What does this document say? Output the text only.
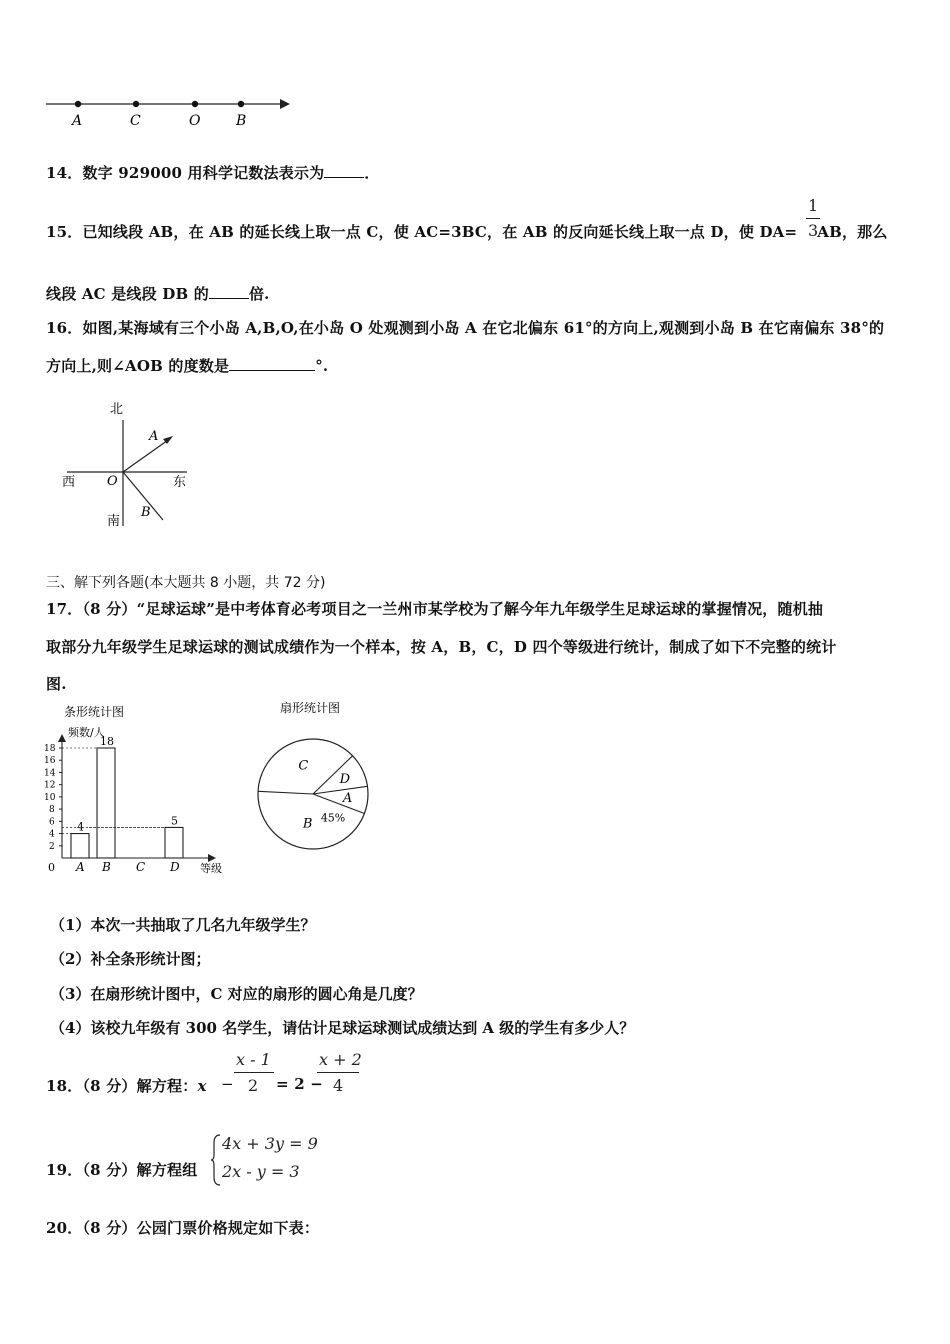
A	C	O	B
14．数字 929000 用科学记数法表示为	．
15．已知线段 AB，在 AB 的延长线上取一点 C，使 AC=3BC，在 AB 的反向延长线上取一点 D，使 DA= AB，那么
1
3
线段 AC 是线段 DB 的	倍.
16．如图,某海域有三个小岛 A,B,O,在小岛 O 处观测到小岛 A 在它北偏东 61°的方向上,观测到小岛 B 在它南偏东 38°的
方向上,则∠AOB 的度数是	°.
北
南
西	东
O
A
B
三、解下列各题(本大题共 8 小题，共 72 分)
17．（8 分）“足球运球”是中考体育必考项目之一兰州市某学校为了解今年九年级学生足球运球的掌握情况，随机抽
取部分九年级学生足球运球的测试成绩作为一个样本，按 A，B，C，D 四个等级进行统计，制成了如下不完整的统计
图.
条形统计图
频数/人
等级
0
2
4
6
8
10
12
14
16
18
4
A
18
B C
5
D
扇形统计图
A
B 45%
C
D
（1）本次一共抽取了几名九年级学生？
（2）补全条形统计图；
（3）在扇形统计图中，C 对应的扇形的圆心角是几度？
（4）该校九年级有 300 名学生，请估计足球运球测试成绩达到 A 级的学生有多少人？
18．（8 分）解方程：x −
x - 1
2 = 2 −
x + 2
4
19．（8 分）解方程组
4x + 3y = 9
2x - y = 3
20．（8 分）公园门票价格规定如下表：
